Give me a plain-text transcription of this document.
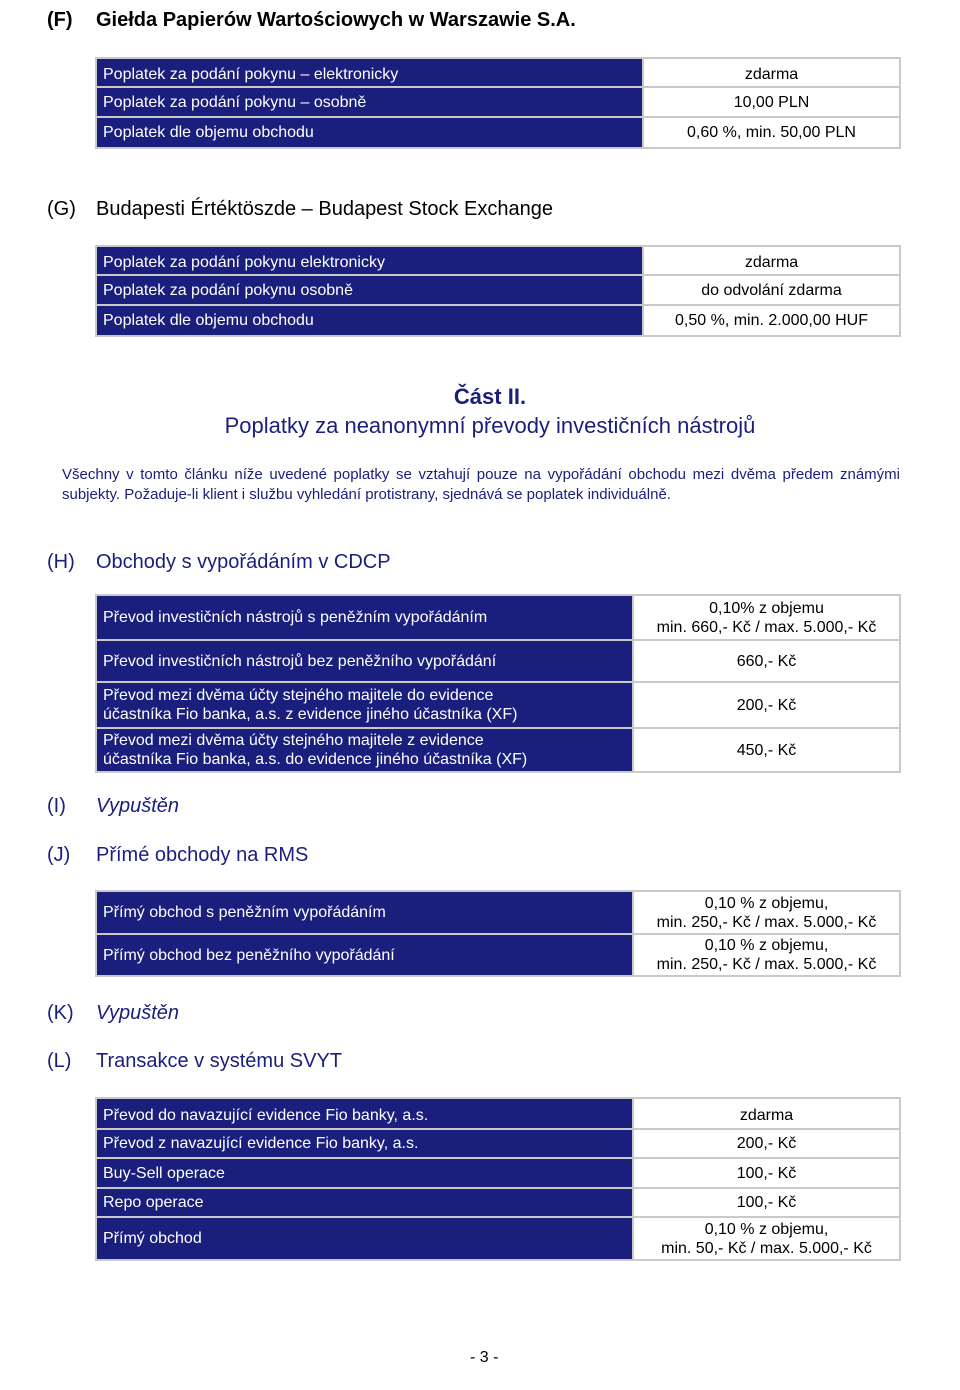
(F) Giełda Papierów Wartościowych w Warszawie S.A.
Poplatek za podání pokynu – elektronicky	zdarma
Poplatek za podání pokynu – osobně	10,00 PLN
Poplatek dle objemu obchodu	0,60 %, min. 50,00 PLN
(G) Budapesti Értéktöszde – Budapest Stock Exchange
Poplatek za podání pokynu elektronicky	zdarma
Poplatek za podání pokynu osobně	do odvolání zdarma
Poplatek dle objemu obchodu	0,50 %, min. 2.000,00 HUF
Část II.
Poplatky za neanonymní převody investičních nástrojů
Všechny v tomto článku níže uvedené poplatky se vztahují pouze na vypořádání obchodu mezi dvěma předem známými subjekty. Požaduje-li klient i službu vyhledání protistrany, sjednává se poplatek individuálně.
(H) Obchody s vypořádáním v CDCP
Převod investičních nástrojů s peněžním vypořádáním	0,10% z objemu
min. 660,- Kč / max. 5.000,- Kč

Převod investičních nástrojů bez peněžního vypořádání	660,- Kč

Převod mezi dvěma účty stejného majitele do evidence
účastníka Fio banka, a.s. z evidence jiného účastníka (XF)	200,- Kč

Převod mezi dvěma účty stejného majitele z evidence
účastníka Fio banka, a.s. do evidence jiného účastníka (XF)	450,- Kč
(I) Vypuštěn
(J) Přímé obchody na RMS
Přímý obchod s peněžním vypořádáním	0,10 % z objemu,
min. 250,- Kč / max. 5.000,- Kč

Přímý obchod bez peněžního vypořádání	0,10 % z objemu,
min. 250,- Kč / max. 5.000,- Kč
(K) Vypuštěn
(L) Transakce v systému SVYT
Převod do navazující evidence Fio banky, a.s.	zdarma
Převod z navazující evidence Fio banky, a.s.	200,- Kč
Buy-Sell operace	100,- Kč
Repo operace	100,- Kč
Přímý obchod	0,10 % z objemu,
min. 50,- Kč / max. 5.000,- Kč
- 3 -
